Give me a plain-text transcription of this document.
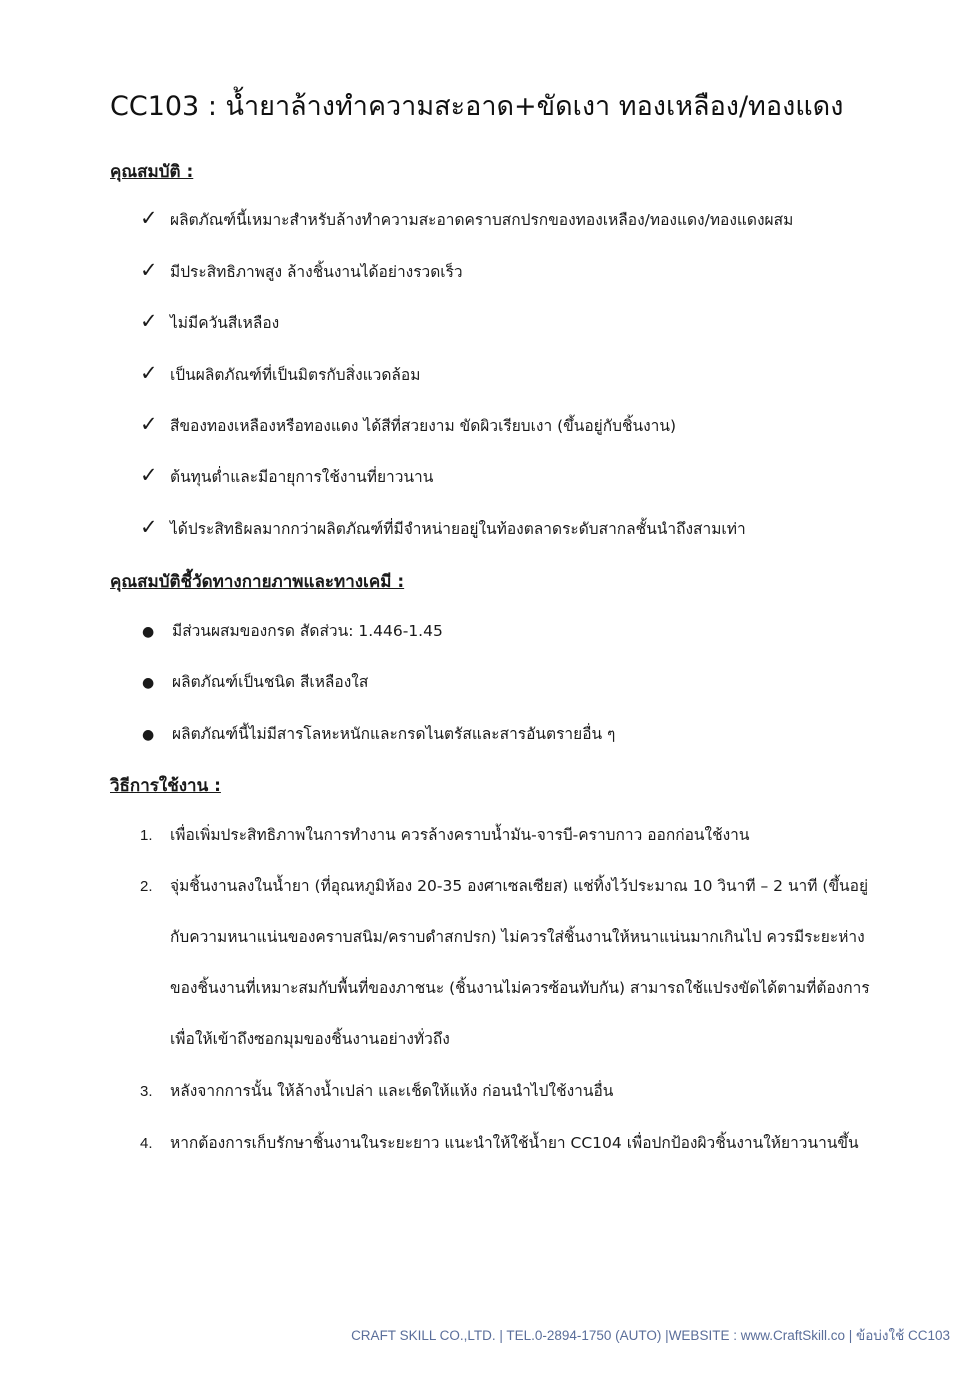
CC103 : น้ำยาล้างทำความสะอาด+ขัดเงา ทองเหลือง/ทองแดง
คุณสมบัติ :
✓ ผลิตภัณฑ์นี้เหมาะสำหรับล้างทำความสะอาดคราบสกปรกของทองเหลือง/ทองแดง/ทองแดงผสม
✓ มีประสิทธิภาพสูง ล้างชิ้นงานได้อย่างรวดเร็ว
✓ ไม่มีควันสีเหลือง
✓ เป็นผลิตภัณฑ์ที่เป็นมิตรกับสิ่งแวดล้อม
✓ สีของทองเหลืองหรือทองแดง ได้สีที่สวยงาม ขัดผิวเรียบเงา (ขึ้นอยู่กับชิ้นงาน)
✓ ต้นทุนต่ำและมีอายุการใช้งานที่ยาวนาน
✓ ได้ประสิทธิผลมากกว่าผลิตภัณฑ์ที่มีจำหน่ายอยู่ในท้องตลาดระดับสากลชั้นนำถึงสามเท่า
คุณสมบัติชี้วัดทางกายภาพและทางเคมี :
● มีส่วนผสมของกรด สัดส่วน: 1.446-1.45
● ผลิตภัณฑ์เป็นชนิด สีเหลืองใส
● ผลิตภัณฑ์นี้ไม่มีสารโลหะหนักและกรดไนตรัสและสารอันตรายอื่น ๆ
วิธีการใช้งาน :
1. เพื่อเพิ่มประสิทธิภาพในการทำงาน ควรล้างคราบน้ำมัน-จารบี-คราบกาว ออกก่อนใช้งาน
2. จุ่มชิ้นงานลงในน้ำยา (ที่อุณหภูมิห้อง 20-35 องศาเซลเซียส) แช่ทิ้งไว้ประมาณ 10 วินาที – 2 นาที (ขึ้นอยู่
กับความหนาแน่นของคราบสนิม/คราบดำสกปรก) ไม่ควรใส่ชิ้นงานให้หนาแน่นมากเกินไป ควรมีระยะห่าง
ของชิ้นงานที่เหมาะสมกับพื้นที่ของภาชนะ (ชิ้นงานไม่ควรซ้อนทับกัน) สามารถใช้แปรงขัดได้ตามที่ต้องการ
เพื่อให้เข้าถึงซอกมุมของชิ้นงานอย่างทั่วถึง
3. หลังจากการนั้น ให้ล้างน้ำเปล่า และเช็ดให้แห้ง ก่อนนำไปใช้งานอื่น
4. หากต้องการเก็บรักษาชิ้นงานในระยะยาว แนะนำให้ใช้น้ำยา CC104 เพื่อปกป้องผิวชิ้นงานให้ยาวนานขึ้น
CRAFT SKILL CO.,LTD. | TEL.0-2894-1750 (AUTO) |WEBSITE : www.CraftSkill.co | ข้อบ่งใช้ CC103
